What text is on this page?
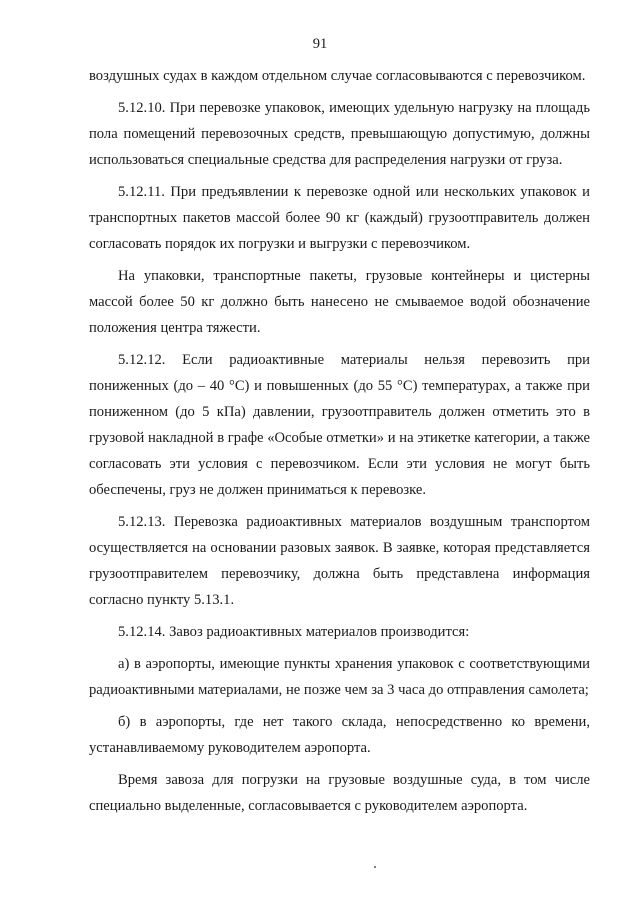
91

воздушных судах в каждом отдельном случае согласовываются с перевозчиком.

5.12.10. При перевозке упаковок, имеющих удельную нагрузку на площадь пола помещений перевозочных средств, превышающую допустимую, должны использоваться специальные средства для распределения нагрузки от груза.

5.12.11. При предъявлении к перевозке одной или нескольких упаковок и транспортных пакетов массой более 90 кг (каждый) грузоотправитель должен согласовать порядок их погрузки и выгрузки с перевозчиком.

На упаковки, транспортные пакеты, грузовые контейнеры и цистерны массой более 50 кг должно быть нанесено не смываемое водой обозначение положения центра тяжести.

5.12.12. Если радиоактивные материалы нельзя перевозить при пониженных (до – 40 °С) и повышенных (до 55 °С) температурах, а также при пониженном (до 5 кПа) давлении, грузоотправитель должен отметить это в грузовой накладной в графе «Особые отметки» и на этикетке категории, а также согласовать эти условия с перевозчиком. Если эти условия не могут быть обеспечены, груз не должен приниматься к перевозке.

5.12.13. Перевозка радиоактивных материалов воздушным транспортом осуществляется на основании разовых заявок. В заявке, которая представляется грузоотправителем перевозчику, должна быть представлена информация согласно пункту 5.13.1.

5.12.14. Завоз радиоактивных материалов производится:

а) в аэропорты, имеющие пункты хранения упаковок с соответствующими радиоактивными материалами, не позже чем за 3 часа до отправления самолета;

б) в аэропорты, где нет такого склада, непосредственно ко времени, устанавливаемому руководителем аэропорта.

Время завоза для погрузки на грузовые воздушные суда, в том числе специально выделенные, согласовывается с руководителем аэропорта.
